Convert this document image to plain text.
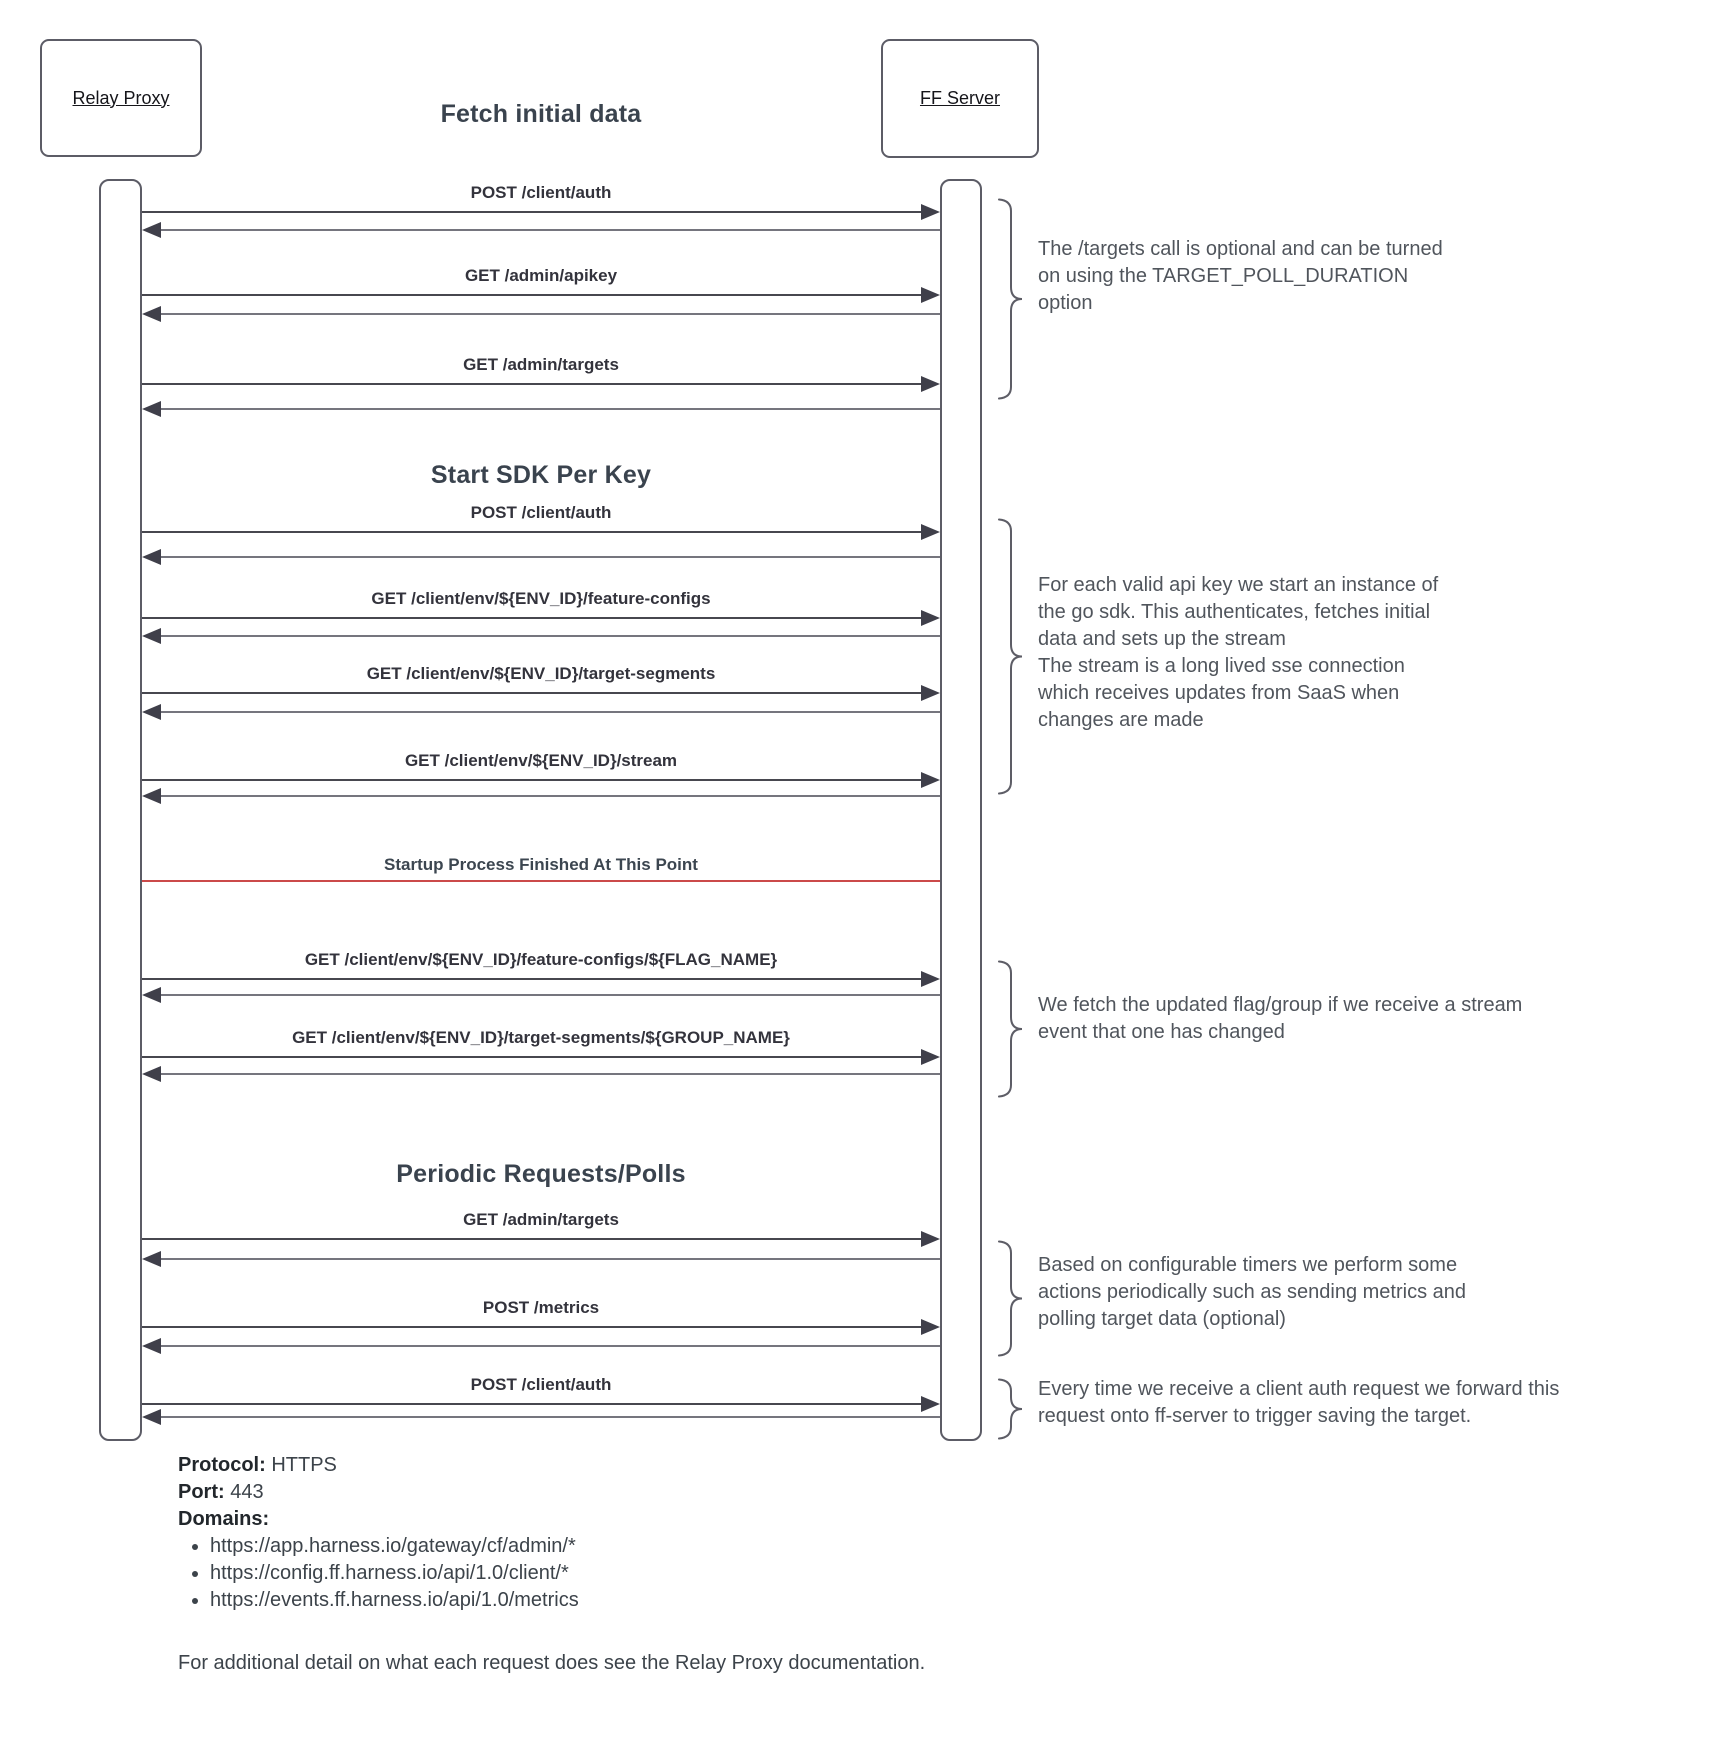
Relay Proxy	FF Server
Fetch initial data
Start SDK Per Key
Periodic Requests/Polls
POST /client/auth
GET /admin/apikey
GET /admin/targets
POST /client/auth
GET /client/env/${ENV_ID}/feature-configs
GET /client/env/${ENV_ID}/target-segments
GET /client/env/${ENV_ID}/stream
GET /client/env/${ENV_ID}/feature-configs/${FLAG_NAME}
GET /client/env/${ENV_ID}/target-segments/${GROUP_NAME}
GET /admin/targets
POST /metrics
POST /client/auth
Startup Process Finished At This Point
The /targets call is optional and can be turned
on using the TARGET_POLL_DURATION
option
For each valid api key we start an instance of
the go sdk. This authenticates, fetches initial
data and sets up the stream
The stream is a long lived sse connection
which receives updates from SaaS when
changes are made
We fetch the updated flag/group if we receive a stream
event that one has changed
Based on configurable timers we perform some
actions periodically such as sending metrics and
polling target data (optional)
Every time we receive a client auth request we forward this
request onto ff-server to trigger saving the target.
Protocol: HTTPS
Port: 443
Domains:
• https://app.harness.io/gateway/cf/admin/*
• https://config.ff.harness.io/api/1.0/client/*
• https://events.ff.harness.io/api/1.0/metrics
For additional detail on what each request does see the Relay Proxy documentation.
